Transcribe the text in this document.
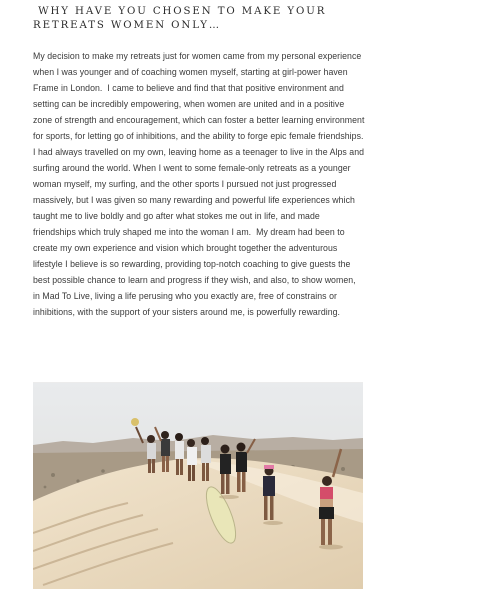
WHY HAVE YOU CHOSEN TO MAKE YOUR RETREATS WOMEN ONLY…

My decision to make my retreats just for women came from my personal experience when I was younger and of coaching women myself, starting at girl-power haven Frame in London.  I came to believe and find that that positive environment and setting can be incredibly empowering, when women are united and in a positive zone of strength and encouragement, which can foster a better learning environment for sports, for letting go of inhibitions, and the ability to forge epic female friendships.  I had always travelled on my own, leaving home as a teenager to live in the Alps and surfing around the world. When I went to some female-only retreats as a younger woman myself, my surfing, and the other sports I pursued not just progressed massively, but I was given so many rewarding and powerful life experiences which taught me to live boldly and go after what stokes me out in life, and made friendships which truly shaped me into the woman I am.  My dream had been to create my own experience and vision which brought together the adventurous lifestyle I believe is so rewarding, providing top-notch coaching to give guests the best possible chance to learn and progress if they wish, and also, to show women, in Mad To Live, living a life perusing who you exactly are, free of constrains or inhibitions, with the support of your sisters around me, is powerfully rewarding.
